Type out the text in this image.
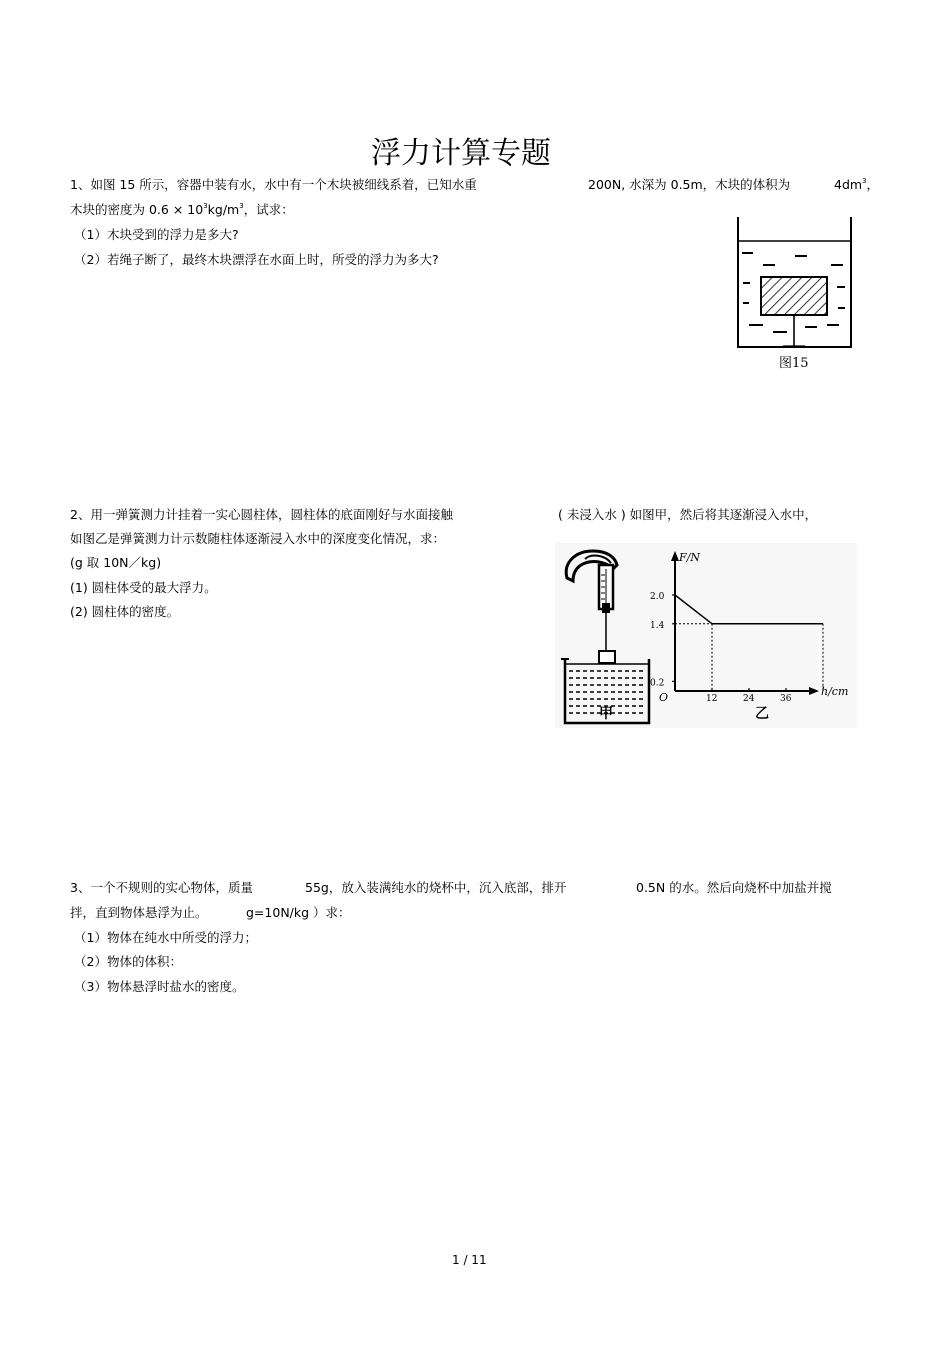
浮力计算专题
1、如图 15 所示，容器中装有水，水中有一个木块被细线系着，已知水重	200N, 水深为 0.5m，木块的体积为	$4dm^3$，
木块的密度为 $0.6 \times 10^3kg/m^3$，试求：
（1）木块受到的浮力是多大?
（2）若绳子断了，最终木块漂浮在水面上时，所受的浮力为多大?
图15
2、用一弹簧测力计挂着一实心圆柱体，圆柱体的底面刚好与水面接触	( 未浸入水 ) 如图甲，然后将其逐渐浸入水中，
如图乙是弹簧测力计示数随柱体逐渐浸入水中的深度变化情况，求：
(g 取 10N／kg)
(1) 圆柱体受的最大浮力。
(2) 圆柱体的密度。
甲
F/N
h/cm
O
2.0
1.4
0.2
12	24	36
乙
3、一个不规则的实心物体，质量	55g，放入装满纯水的烧杯中，沉入底部，排开	0.5N 的水。然后向烧杯中加盐并搅
拌，直到物体悬浮为止。	g=10N/kg ）求：
（1）物体在纯水中所受的浮力；
（2）物体的体积：
（3）物体悬浮时盐水的密度。
1 / 11
